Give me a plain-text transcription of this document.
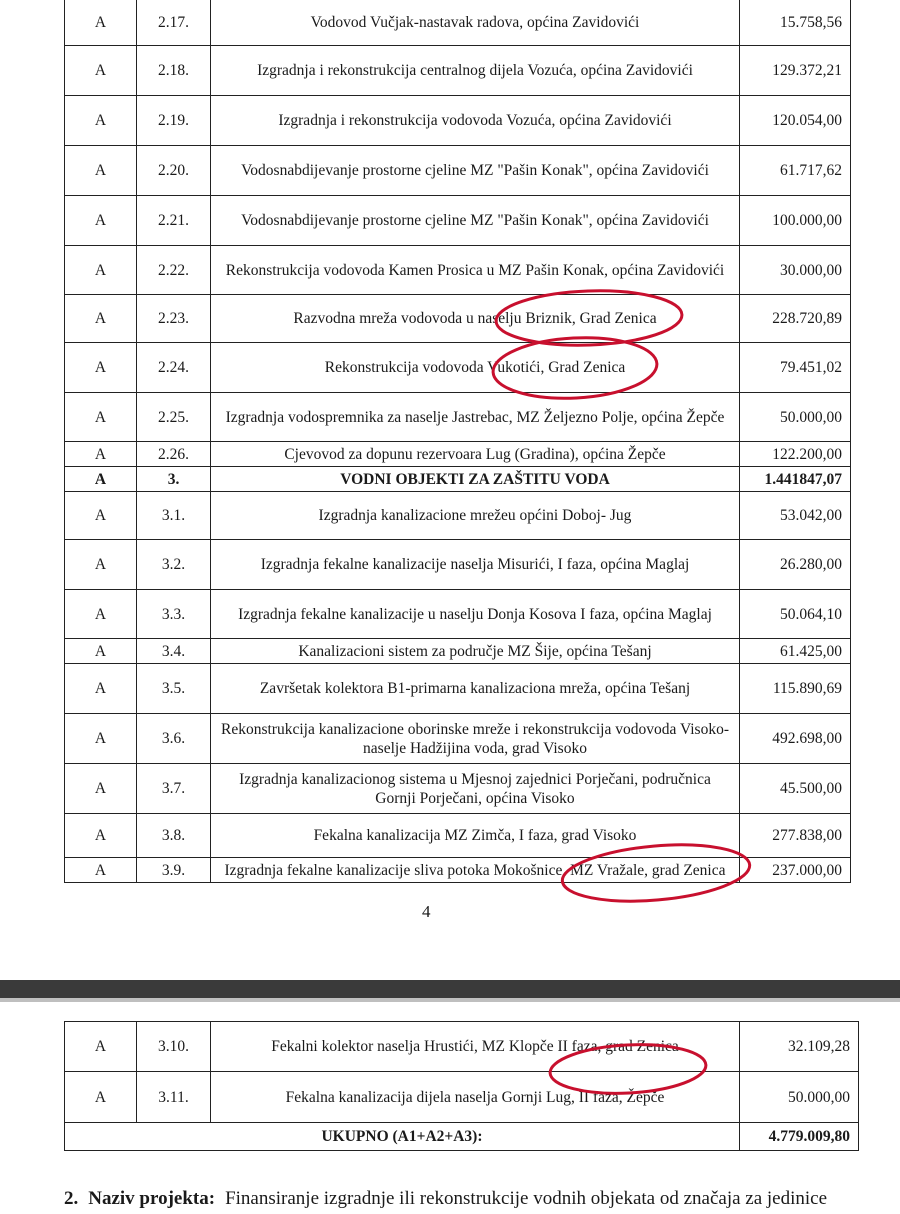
A	2.17.	Vodovod Vučjak-nastavak radova, općina Zavidovići	15.758,56
A	2.18.	Izgradnja i rekonstrukcija centralnog dijela Vozuća, općina Zavidovići	129.372,21
A	2.19.	Izgradnja i rekonstrukcija vodovoda Vozuća, općina Zavidovići	120.054,00
A	2.20.	Vodosnabdijevanje prostorne cjeline MZ "Pašin Konak", općina Zavidovići	61.717,62
A	2.21.	Vodosnabdijevanje prostorne cjeline MZ "Pašin Konak", općina Zavidovići	100.000,00
A	2.22.	Rekonstrukcija vodovoda Kamen Prosica u MZ Pašin Konak, općina Zavidovići	30.000,00
A	2.23.	Razvodna mreža vodovoda u naselju Briznik, Grad Zenica	228.720,89
A	2.24.	Rekonstrukcija vodovoda Vukotići, Grad Zenica	79.451,02
A	2.25.	Izgradnja vodospremnika za naselje Jastrebac, MZ Željezno Polje, općina Žepče	50.000,00
A	2.26.	Cjevovod za dopunu rezervoara Lug (Gradina), općina Žepče	122.200,00
A	3.	VODNI OBJEKTI ZA ZAŠTITU VODA	1.441847,07
A	3.1.	Izgradnja kanalizacione mrežeu općini Doboj- Jug	53.042,00
A	3.2.	Izgradnja fekalne kanalizacije naselja Misurići, I faza, općina Maglaj	26.280,00
A	3.3.	Izgradnja fekalne kanalizacije u naselju Donja Kosova I faza, općina Maglaj	50.064,10
A	3.4.	Kanalizacioni sistem za područje MZ Šije, općina Tešanj	61.425,00
A	3.5.	Završetak kolektora B1-primarna kanalizaciona mreža, općina Tešanj	115.890,69
A	3.6.	Rekonstrukcija kanalizacione oborinske mreže i rekonstrukcija vodovoda Visoko-naselje Hadžijina voda, grad Visoko	492.698,00
A	3.7.	Izgradnja kanalizacionog sistema u Mjesnoj zajednici Porječani, područnica Gornji Porječani, općina Visoko	45.500,00
A	3.8.	Fekalna kanalizacija MZ Zimča, I faza, grad Visoko	277.838,00
A	3.9.	Izgradnja fekalne kanalizacije sliva potoka Mokošnice, MZ Vražale, grad Zenica	237.000,00
4
A	3.10.	Fekalni kolektor naselja Hrustići, MZ Klopče II faza, grad Zenica	32.109,28
A	3.11.	Fekalna kanalizacija dijela naselja Gornji Lug, II faza, Žepče	50.000,00
UKUPNO (A1+A2+A3):			4.779.009,80
2. Naziv projekta: Finansiranje izgradnje ili rekonstrukcije vodnih objekata od značaja za jedinice
